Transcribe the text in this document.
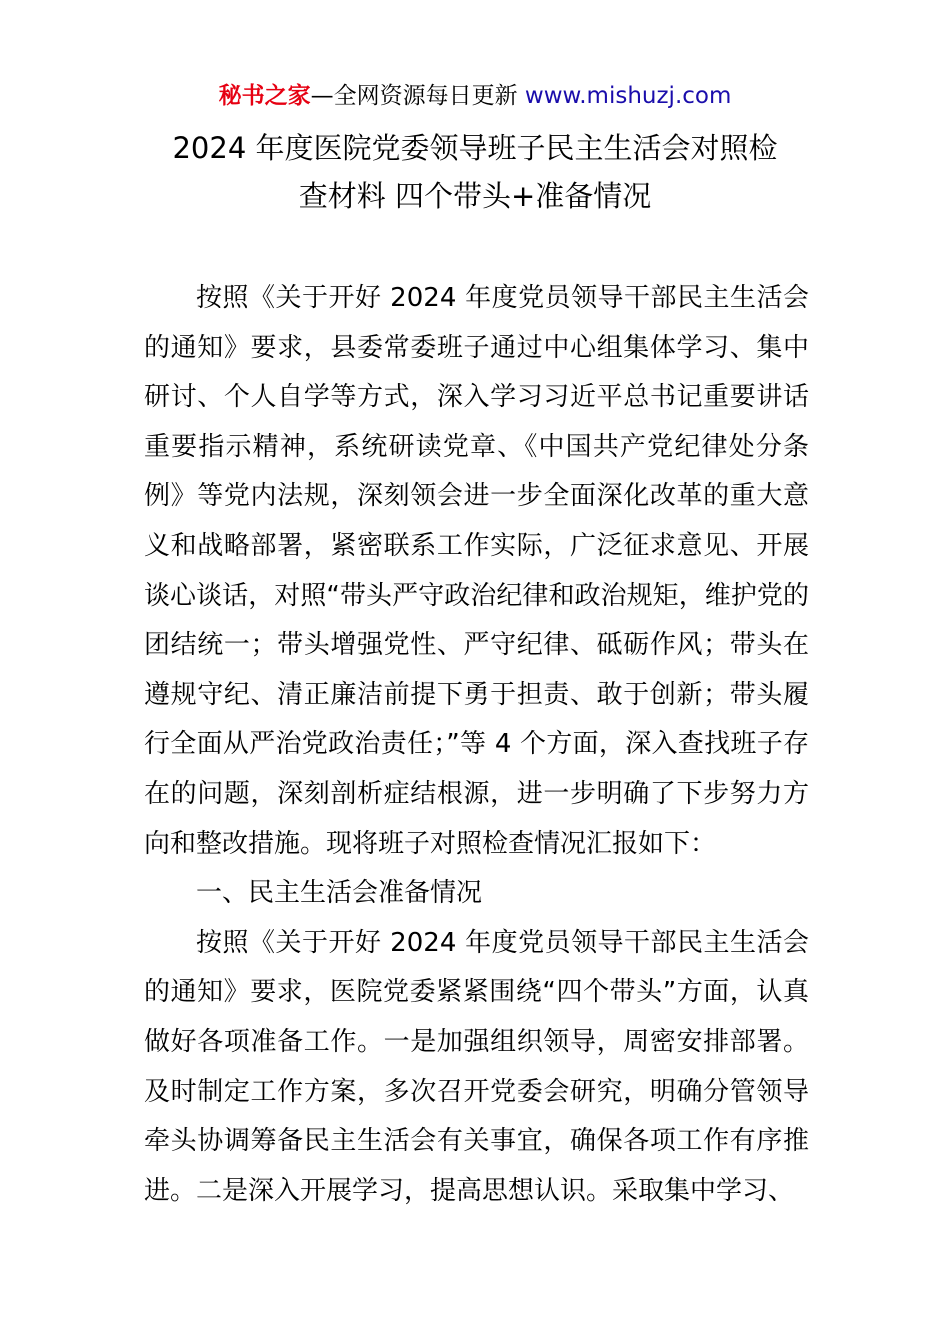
秘书之家—全网资源每日更新 www.mishuzj.com
2024 年度医院党委领导班子民主生活会对照检
查材料 四个带头+准备情况

按照《关于开好 2024 年度党员领导干部民主生活会的通知》要求，县委常委班子通过中心组集体学习、集中研讨、个人自学等方式，深入学习习近平总书记重要讲话重要指示精神，系统研读党章、《中国共产党纪律处分条例》等党内法规，深刻领会进一步全面深化改革的重大意义和战略部署，紧密联系工作实际，广泛征求意见、开展谈心谈话，对照“带头严守政治纪律和政治规矩，维护党的团结统一；带头增强党性、严守纪律、砥砺作风；带头在遵规守纪、清正廉洁前提下勇于担责、敢于创新；带头履行全面从严治党政治责任；”等 4 个方面，深入查找班子存在的问题，深刻剖析症结根源，进一步明确了下步努力方向和整改措施。现将班子对照检查情况汇报如下：

一、民主生活会准备情况

按照《关于开好 2024 年度党员领导干部民主生活会的通知》要求，医院党委紧紧围绕“四个带头”方面，认真做好各项准备工作。一是加强组织领导，周密安排部署。及时制定工作方案，多次召开党委会研究，明确分管领导牵头协调筹备民主生活会有关事宜，确保各项工作有序推进。二是深入开展学习，提高思想认识。采取集中学习、
